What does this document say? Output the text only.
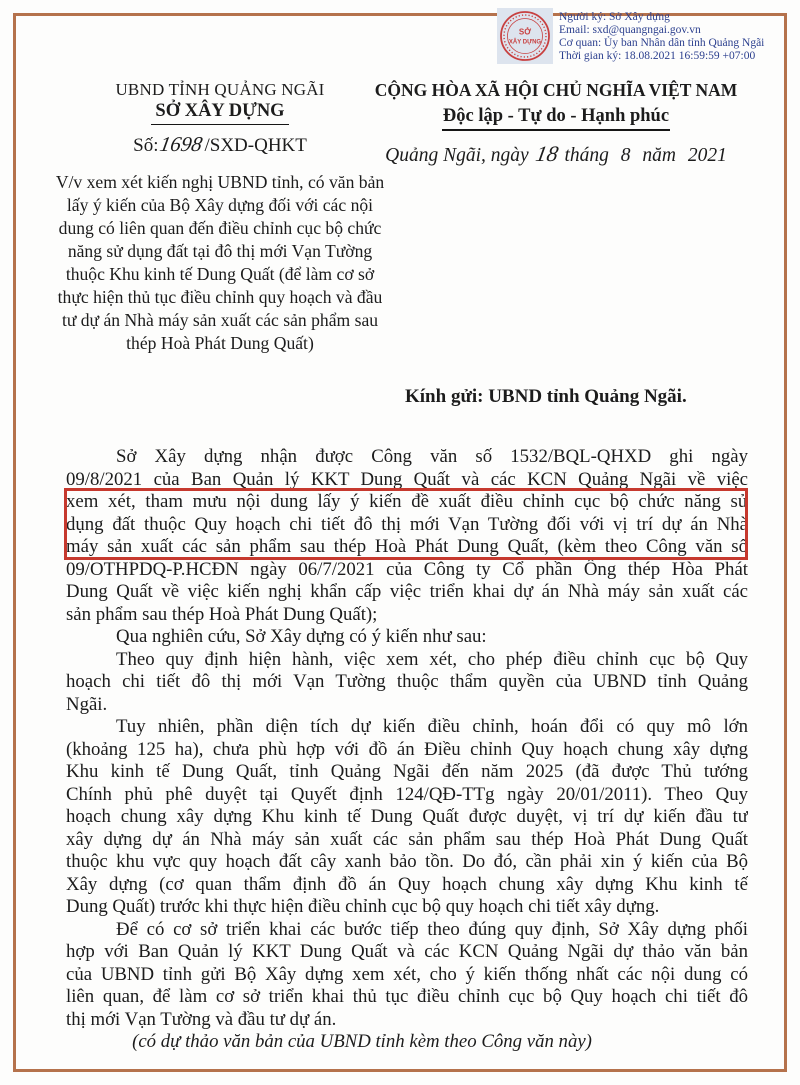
SỞ
XÂY DỰNG
Người ký: Sở Xây dựng
Email: sxd@quangngai.gov.vn
Cơ quan: Ủy ban Nhân dân tỉnh Quảng Ngãi
Thời gian ký: 18.08.2021 16:59:59 +07:00
UBND TỈNH QUẢNG NGÃI
SỞ XÂY DỰNG
Số:1698/SXD-QHKT
V/v xem xét kiến nghị UBND tỉnh, có văn bản lấy ý kiến của Bộ Xây dựng đối với các nội dung có liên quan đến điều chỉnh cục bộ chức năng sử dụng đất tại đô thị mới Vạn Tường thuộc Khu kinh tế Dung Quất (để làm cơ sở thực hiện thủ tục điều chỉnh quy hoạch và đầu tư dự án Nhà máy sản xuất các sản phẩm sau thép Hoà Phát Dung Quất)
CỘNG HÒA XÃ HỘI CHỦ NGHĨA VIỆT NAM
Độc lập - Tự do - Hạnh phúc
Quảng Ngãi, ngày 18 tháng 8 năm 2021
Kính gửi: UBND tỉnh Quảng Ngãi.
Sở Xây dựng nhận được Công văn số 1532/BQL-QHXD ghi ngày
09/8/2021 của Ban Quản lý KKT Dung Quất và các KCN Quảng Ngãi về việc
xem xét, tham mưu nội dung lấy ý kiến đề xuất điều chỉnh cục bộ chức năng sử
dụng đất thuộc Quy hoạch chi tiết đô thị mới Vạn Tường đối với vị trí dự án Nhà
máy sản xuất các sản phẩm sau thép Hoà Phát Dung Quất, (kèm theo Công văn số
09/OTHPDQ-P.HCĐN ngày 06/7/2021 của Công ty Cổ phần Ống thép Hòa Phát
Dung Quất về việc kiến nghị khẩn cấp việc triển khai dự án Nhà máy sản xuất các
sản phẩm sau thép Hoà Phát Dung Quất);
Qua nghiên cứu, Sở Xây dựng có ý kiến như sau:
Theo quy định hiện hành, việc xem xét, cho phép điều chỉnh cục bộ Quy
hoạch chi tiết đô thị mới Vạn Tường thuộc thẩm quyền của UBND tỉnh Quảng
Ngãi.
Tuy nhiên, phần diện tích dự kiến điều chỉnh, hoán đổi có quy mô lớn
(khoảng 125 ha), chưa phù hợp với đồ án Điều chỉnh Quy hoạch chung xây dựng
Khu kinh tế Dung Quất, tỉnh Quảng Ngãi đến năm 2025 (đã được Thủ tướng
Chính phủ phê duyệt tại Quyết định 124/QĐ-TTg ngày 20/01/2011). Theo Quy
hoạch chung xây dựng Khu kinh tế Dung Quất được duyệt, vị trí dự kiến đầu tư
xây dựng dự án Nhà máy sản xuất các sản phẩm sau thép Hoà Phát Dung Quất
thuộc khu vực quy hoạch đất cây xanh bảo tồn. Do đó, cần phải xin ý kiến của Bộ
Xây dựng (cơ quan thẩm định đồ án Quy hoạch chung xây dựng Khu kinh tế
Dung Quất) trước khi thực hiện điều chỉnh cục bộ quy hoạch chi tiết xây dựng.
Để có cơ sở triển khai các bước tiếp theo đúng quy định, Sở Xây dựng phối
hợp với Ban Quản lý KKT Dung Quất và các KCN Quảng Ngãi dự thảo văn bản
của UBND tỉnh gửi Bộ Xây dựng xem xét, cho ý kiến thống nhất các nội dung có
liên quan, để làm cơ sở triển khai thủ tục điều chỉnh cục bộ Quy hoạch chi tiết đô
thị mới Vạn Tường và đầu tư dự án.
(có dự thảo văn bản của UBND tỉnh kèm theo Công văn này)
